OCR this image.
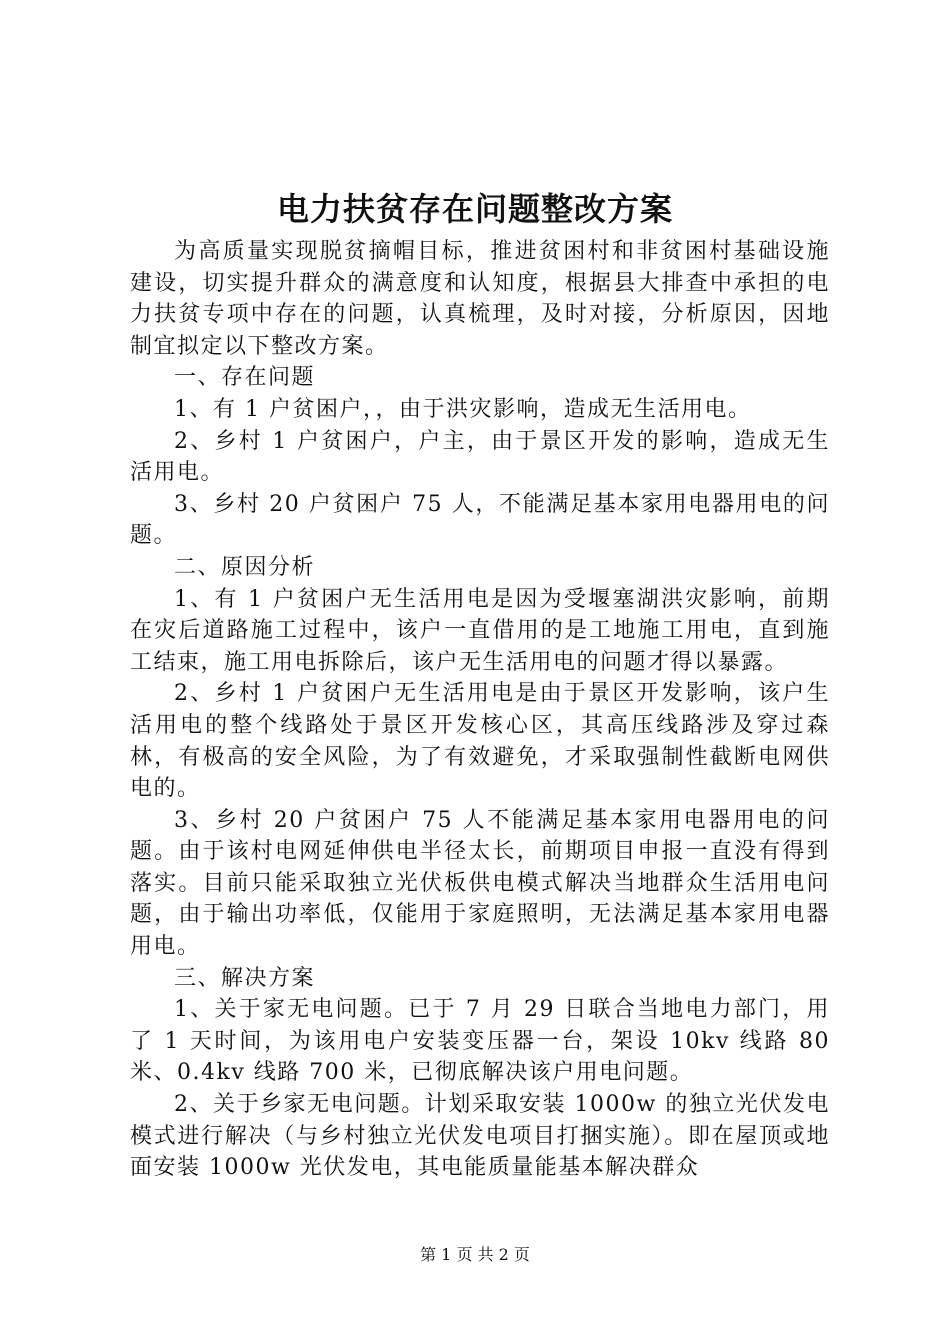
电力扶贫存在问题整改方案

为高质量实现脱贫摘帽目标，推进贫困村和非贫困村基础设施建设，切实提升群众的满意度和认知度，根据县大排查中承担的电力扶贫专项中存在的问题，认真梳理，及时对接，分析原因，因地制宜拟定以下整改方案。

一、存在问题

1、有 1 户贫困户，，由于洪灾影响，造成无生活用电。

2、乡村 1 户贫困户，户主，由于景区开发的影响，造成无生活用电。

3、乡村 20 户贫困户 75 人，不能满足基本家用电器用电的问题。

二、原因分析

1、有 1 户贫困户无生活用电是因为受堰塞湖洪灾影响，前期在灾后道路施工过程中，该户一直借用的是工地施工用电，直到施工结束，施工用电拆除后，该户无生活用电的问题才得以暴露。

2、乡村 1 户贫困户无生活用电是由于景区开发影响，该户生活用电的整个线路处于景区开发核心区，其高压线路涉及穿过森林，有极高的安全风险，为了有效避免，才采取强制性截断电网供电的。

3、乡村 20 户贫困户 75 人不能满足基本家用电器用电的问题。由于该村电网延伸供电半径太长，前期项目申报一直没有得到落实。目前只能采取独立光伏板供电模式解决当地群众生活用电问题，由于输出功率低，仅能用于家庭照明，无法满足基本家用电器用电。

三、解决方案

1、关于家无电问题。已于 7 月 29 日联合当地电力部门，用了 1 天时间，为该用电户安装变压器一台，架设 10kv 线路 80 米、0.4kv 线路 700 米，已彻底解决该户用电问题。

2、关于乡家无电问题。计划采取安装 1000w 的独立光伏发电模式进行解决（与乡村独立光伏发电项目打捆实施）。即在屋顶或地面安装 1000w 光伏发电，其电能质量能基本解决群众

第 1 页 共 2 页
